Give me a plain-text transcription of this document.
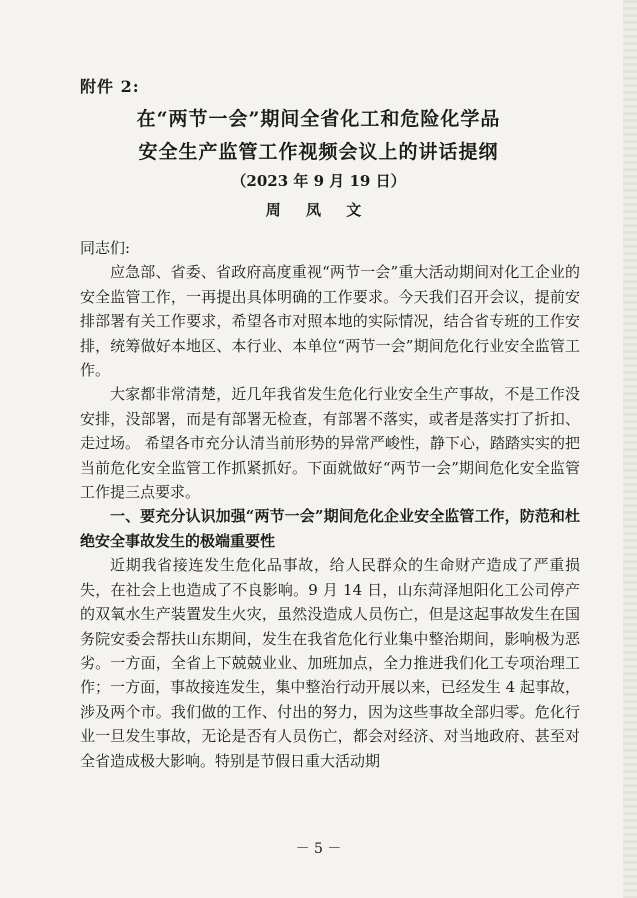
附件 2:
在“两节一会”期间全省化工和危险化学品
安全生产监管工作视频会议上的讲话提纲
（2023 年 9 月 19 日）
周 凤 文

同志们:

应急部、省委、省政府高度重视“两节一会”重大活动期间对化工企业的安全监管工作，一再提出具体明确的工作要求。今天我们召开会议，提前安排部署有关工作要求，希望各市对照本地的实际情况，结合省专班的工作安排，统筹做好本地区、本行业、本单位“两节一会”期间危化行业安全监管工作。

大家都非常清楚，近几年我省发生危化行业安全生产事故，不是工作没安排，没部署，而是有部署无检查，有部署不落实，或者是落实打了折扣、走过场。 希望各市充分认清当前形势的异常严峻性，静下心，踏踏实实的把当前危化安全监管工作抓紧抓好。下面就做好“两节一会”期间危化安全监管工作提三点要求。

一、要充分认识加强“两节一会”期间危化企业安全监管工作，防范和杜绝安全事故发生的极端重要性

近期我省接连发生危化品事故，给人民群众的生命财产造成了严重损失，在社会上也造成了不良影响。9 月 14 日，山东菏泽旭阳化工公司停产的双氧水生产装置发生火灾，虽然没造成人员伤亡，但是这起事故发生在国务院安委会帮扶山东期间，发生在我省危化行业集中整治期间，影响极为恶劣。一方面，全省上下兢兢业业、加班加点，全力推进我们化工专项治理工作；一方面，事故接连发生，集中整治行动开展以来，已经发生 4 起事故，涉及两个市。我们做的工作、付出的努力，因为这些事故全部归零。危化行业一旦发生事故，无论是否有人员伤亡，都会对经济、对当地政府、甚至对全省造成极大影响。特别是节假日重大活动期

－ 5 －
